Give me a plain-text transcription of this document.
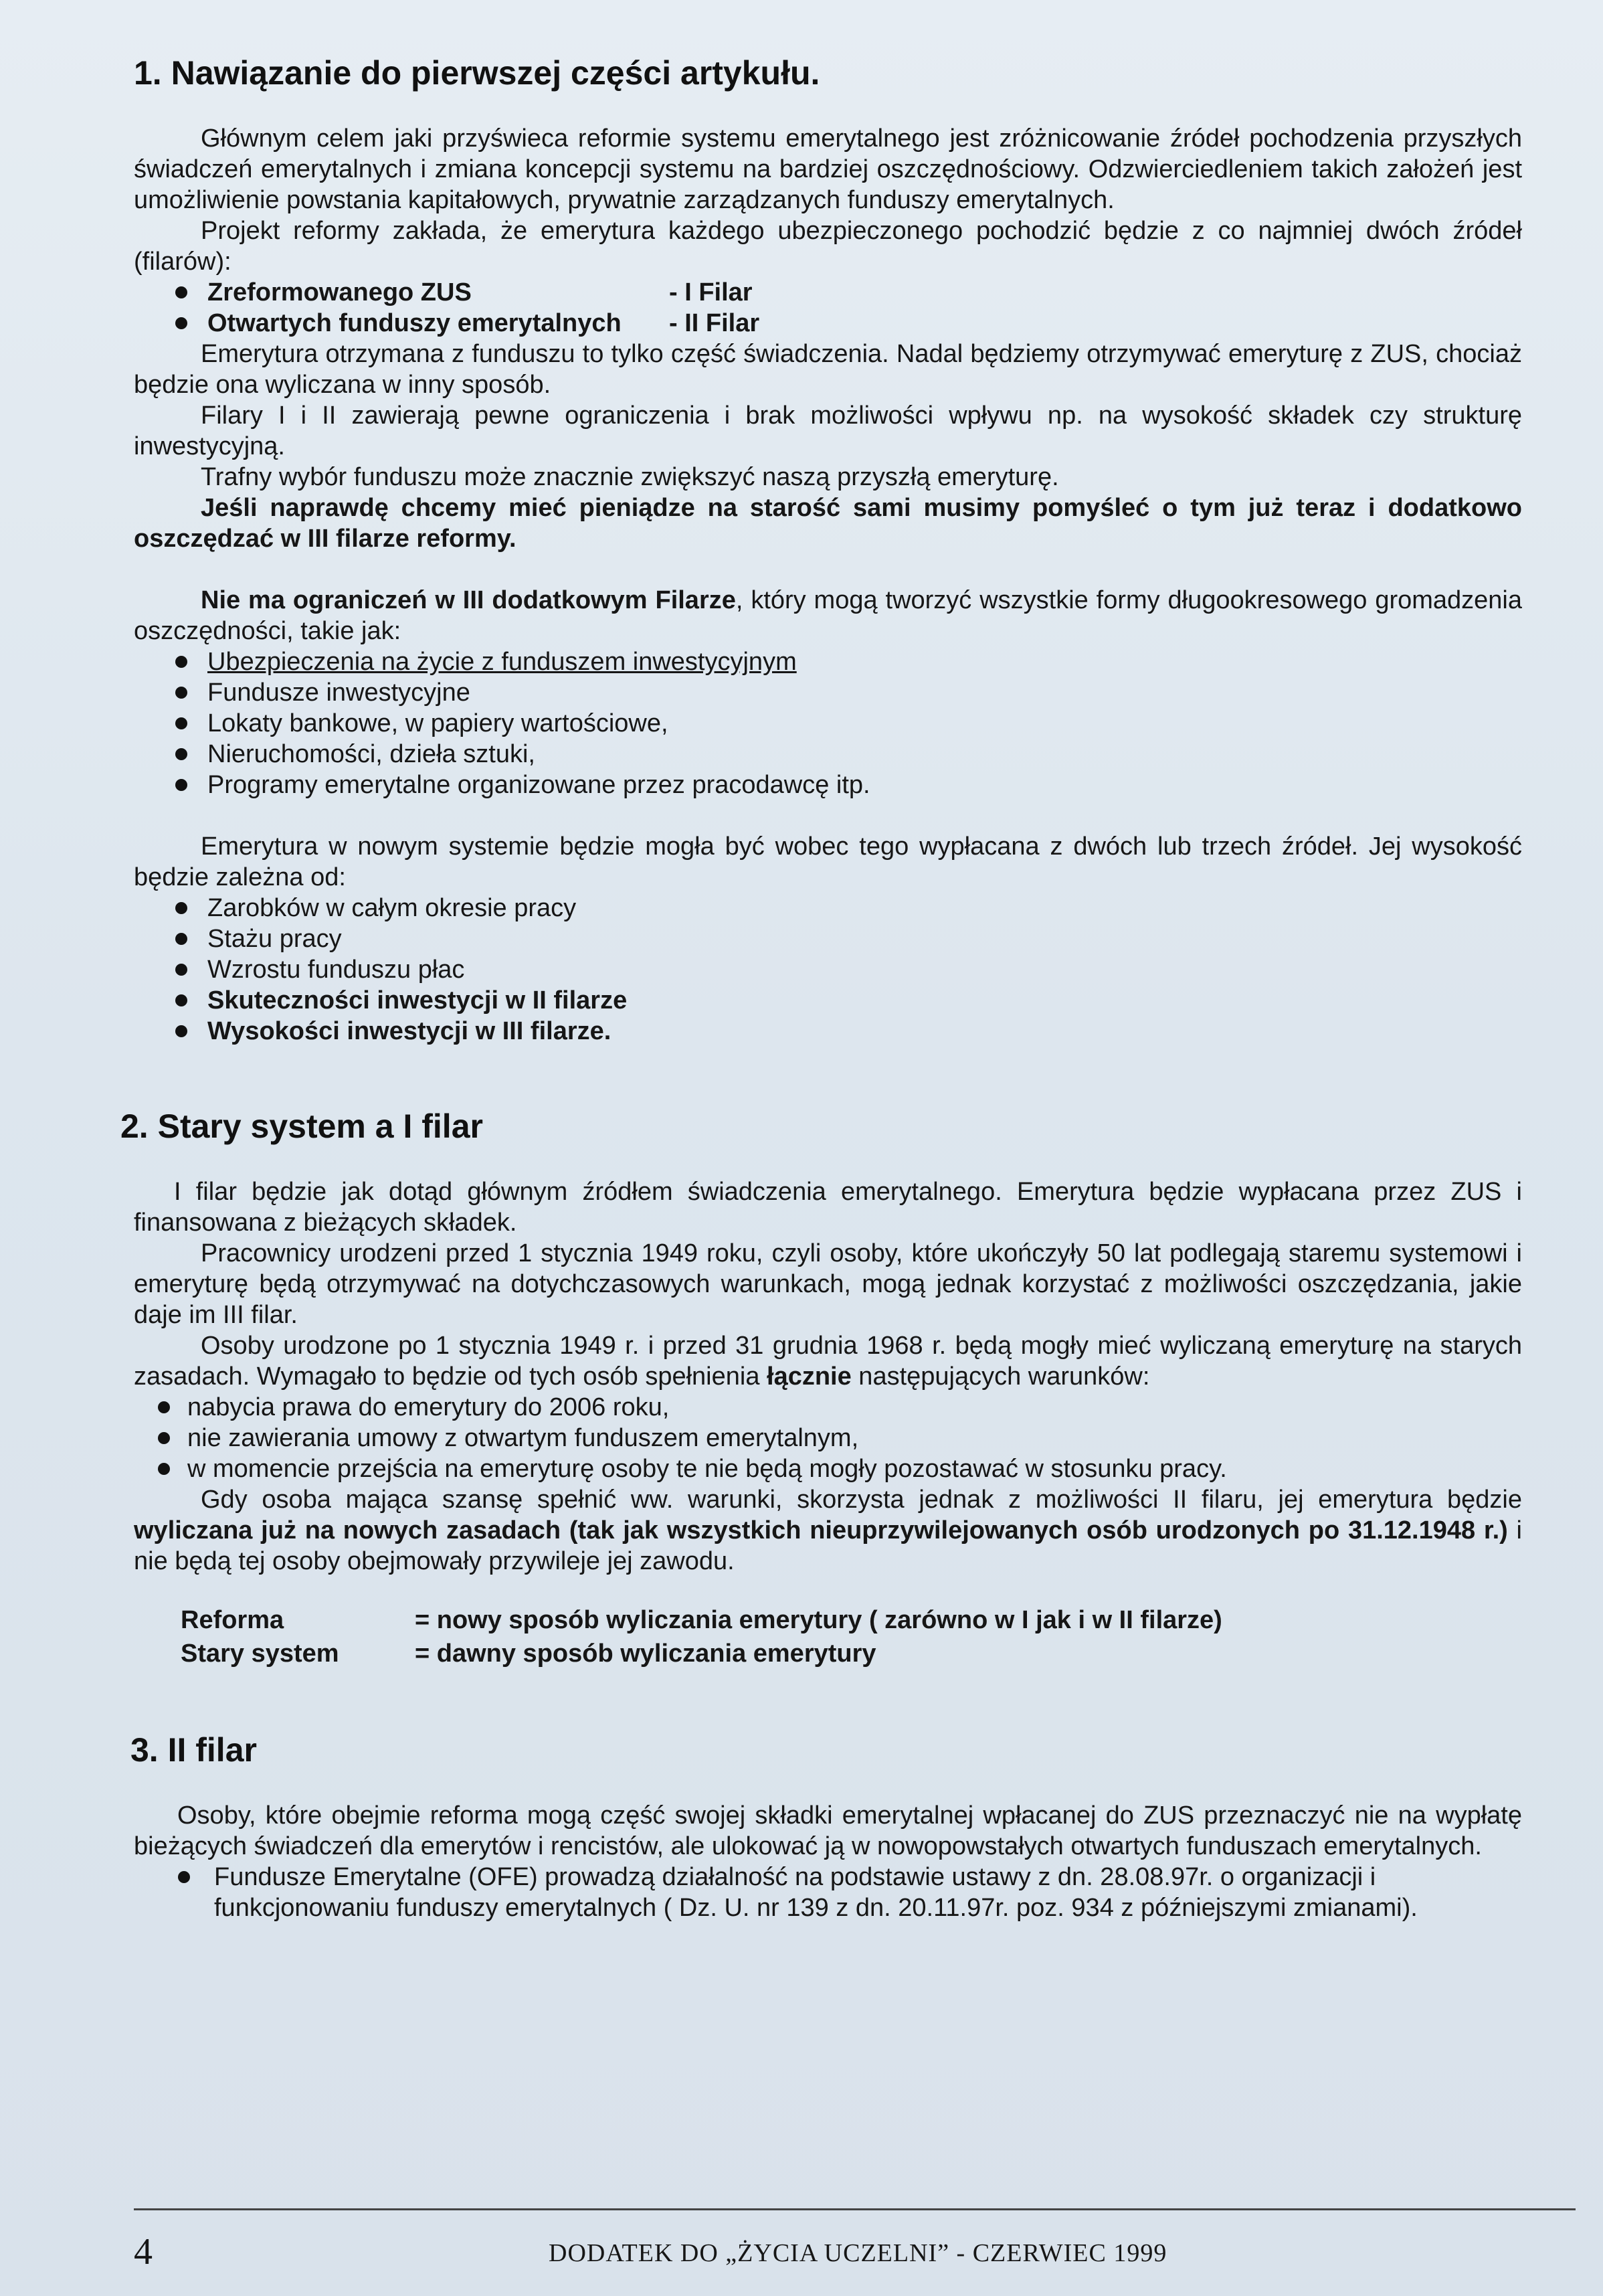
1. Nawiązanie do pierwszej części artykułu.

Głównym celem jaki przyświeca reformie systemu emerytalnego jest zróżnicowanie źródeł pochodzenia przyszłych świadczeń emerytalnych i zmiana koncepcji systemu na bardziej oszczędnościowy. Odzwierciedleniem takich założeń jest umożliwienie powstania kapitałowych, prywatnie zarządzanych funduszy emerytalnych.

Projekt reformy zakłada, że emerytura każdego ubezpieczonego pochodzić będzie z co najmniej dwóch źródeł (filarów):

Zreformowanego ZUS	- I Filar
Otwartych funduszy emerytalnych - II Filar

Emerytura otrzymana z funduszu to tylko część świadczenia. Nadal będziemy otrzymywać emeryturę z ZUS, chociaż będzie ona wyliczana w inny sposób.

Filary I i II zawierają pewne ograniczenia i brak możliwości wpływu np. na wysokość składek czy strukturę inwestycyjną.

Trafny wybór funduszu może znacznie zwiększyć naszą przyszłą emeryturę.

Jeśli naprawdę chcemy mieć pieniądze na starość sami musimy pomyśleć o tym już teraz i dodatkowo oszczędzać w III filarze reformy.

Nie ma ograniczeń w III dodatkowym Filarze, który mogą tworzyć wszystkie formy długookresowego gromadzenia oszczędności, takie jak:

Ubezpieczenia na życie z funduszem inwestycyjnym
Fundusze inwestycyjne
Lokaty bankowe, w papiery wartościowe,
Nieruchomości, dzieła sztuki,
Programy emerytalne organizowane przez pracodawcę itp.

Emerytura w nowym systemie będzie mogła być wobec tego wypłacana z dwóch lub trzech źródeł. Jej wysokość będzie zależna od:

Zarobków w całym okresie pracy
Stażu pracy
Wzrostu funduszu płac
Skuteczności inwestycji w II filarze
Wysokości inwestycji w III filarze.
2. Stary system a I filar

I filar będzie jak dotąd głównym źródłem świadczenia emerytalnego. Emerytura będzie wypłacana przez ZUS i finansowana z bieżących składek.

Pracownicy urodzeni przed 1 stycznia 1949 roku, czyli osoby, które ukończyły 50 lat podlegają staremu systemowi i emeryturę będą otrzymywać na dotychczasowych warunkach, mogą jednak korzystać z możliwości oszczędzania, jakie daje im III filar.

Osoby urodzone po 1 stycznia 1949 r. i przed 31 grudnia 1968 r. będą mogły mieć wyliczaną emeryturę na starych zasadach. Wymagało to będzie od tych osób spełnienia łącznie następujących warunków:

nabycia prawa do emerytury do 2006 roku,
nie zawierania umowy z otwartym funduszem emerytalnym,
w momencie przejścia na emeryturę osoby te nie będą mogły pozostawać w stosunku pracy.

Gdy osoba mająca szansę spełnić ww. warunki, skorzysta jednak z możliwości II filaru, jej emerytura będzie wyliczana już na nowych zasadach (tak jak wszystkich nieuprzywilejowanych osób urodzonych po 31.12.1948 r.) i nie będą tej osoby obejmowały przywileje jej zawodu.

Reforma	= nowy sposób wyliczania emerytury ( zarówno w I jak i w II filarze)
Stary system	= dawny sposób wyliczania emerytury
3. II filar

Osoby, które obejmie reforma mogą część swojej składki emerytalnej wpłacanej do ZUS przeznaczyć nie na wypłatę bieżących świadczeń dla emerytów i rencistów, ale ulokować ją w nowopowstałych otwartych funduszach emerytalnych.

Fundusze Emerytalne (OFE) prowadzą działalność na podstawie ustawy z dn. 28.08.97r. o organizacji i funkcjonowaniu funduszy emerytalnych ( Dz. U. nr 139 z dn. 20.11.97r. poz. 934 z późniejszymi zmianami).
4	DODATEK DO „ŻYCIA UCZELNI” - CZERWIEC 1999
